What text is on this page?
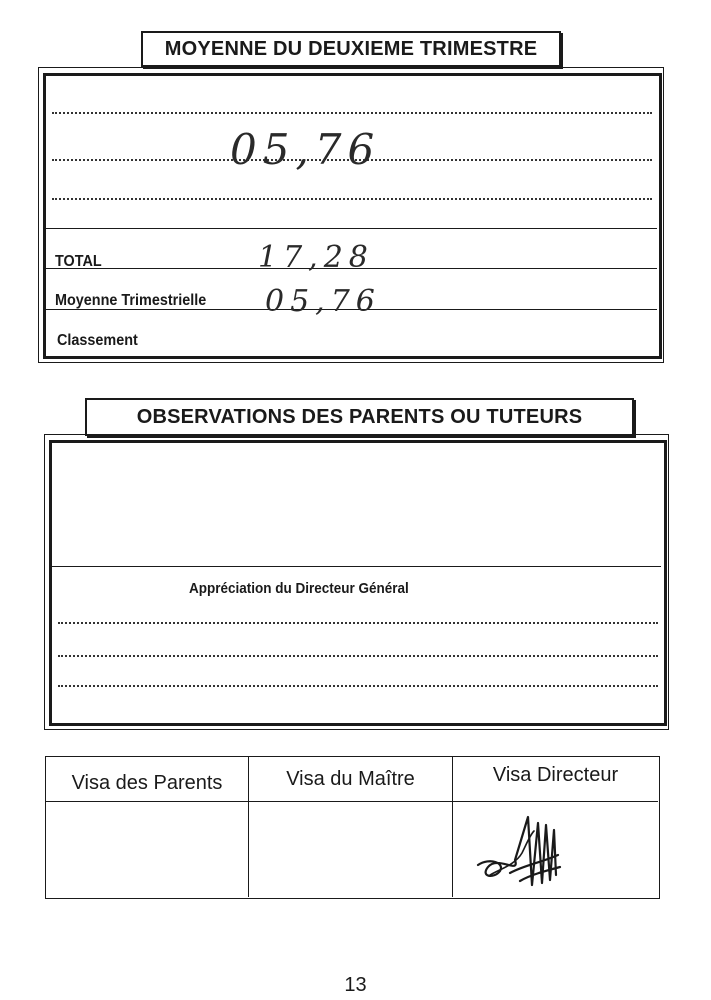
MOYENNE DU DEUXIEME TRIMESTRE
05,76
TOTAL	17,28
Moyenne Trimestrielle 05,76
Classement
OBSERVATIONS DES PARENTS OU TUTEURS
Appréciation du Directeur Général
Visa des Parents	Visa du Maître	Visa Directeur
13
